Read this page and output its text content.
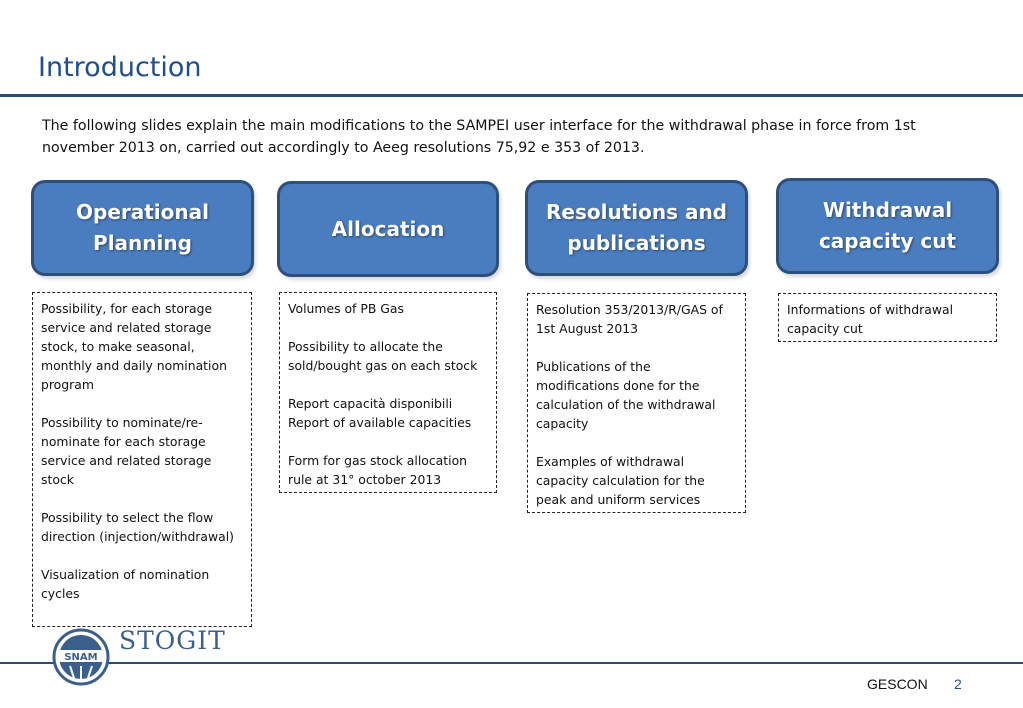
Introduction
The following slides explain the main modifications to the SAMPEI user interface for the withdrawal phase in force from 1st november 2013 on, carried out accordingly to Aeeg resolutions 75,92 e 353 of 2013.
Operational
Planning

Possibility, for each storage service and related storage stock, to make seasonal, monthly and daily nomination program

Possibility to nominate/re-nominate for each storage service and related storage stock

Possibility to select the flow direction (injection/withdrawal)

Visualization of nomination cycles

Allocation

Volumes of PB Gas

Possibility to allocate the sold/bought gas on each stock

Report capacità disponibili
Report of available capacities

Form for gas stock allocation rule at 31° october 2013

Resolutions and
publications

Resolution 353/2013/R/GAS of 1st August 2013

Publications of the modifications done for the calculation of the withdrawal capacity

Examples of withdrawal capacity calculation for the peak and uniform services

Withdrawal
capacity cut

Informations of withdrawal capacity cut

SNAM
STOGIT
GESCON 2
